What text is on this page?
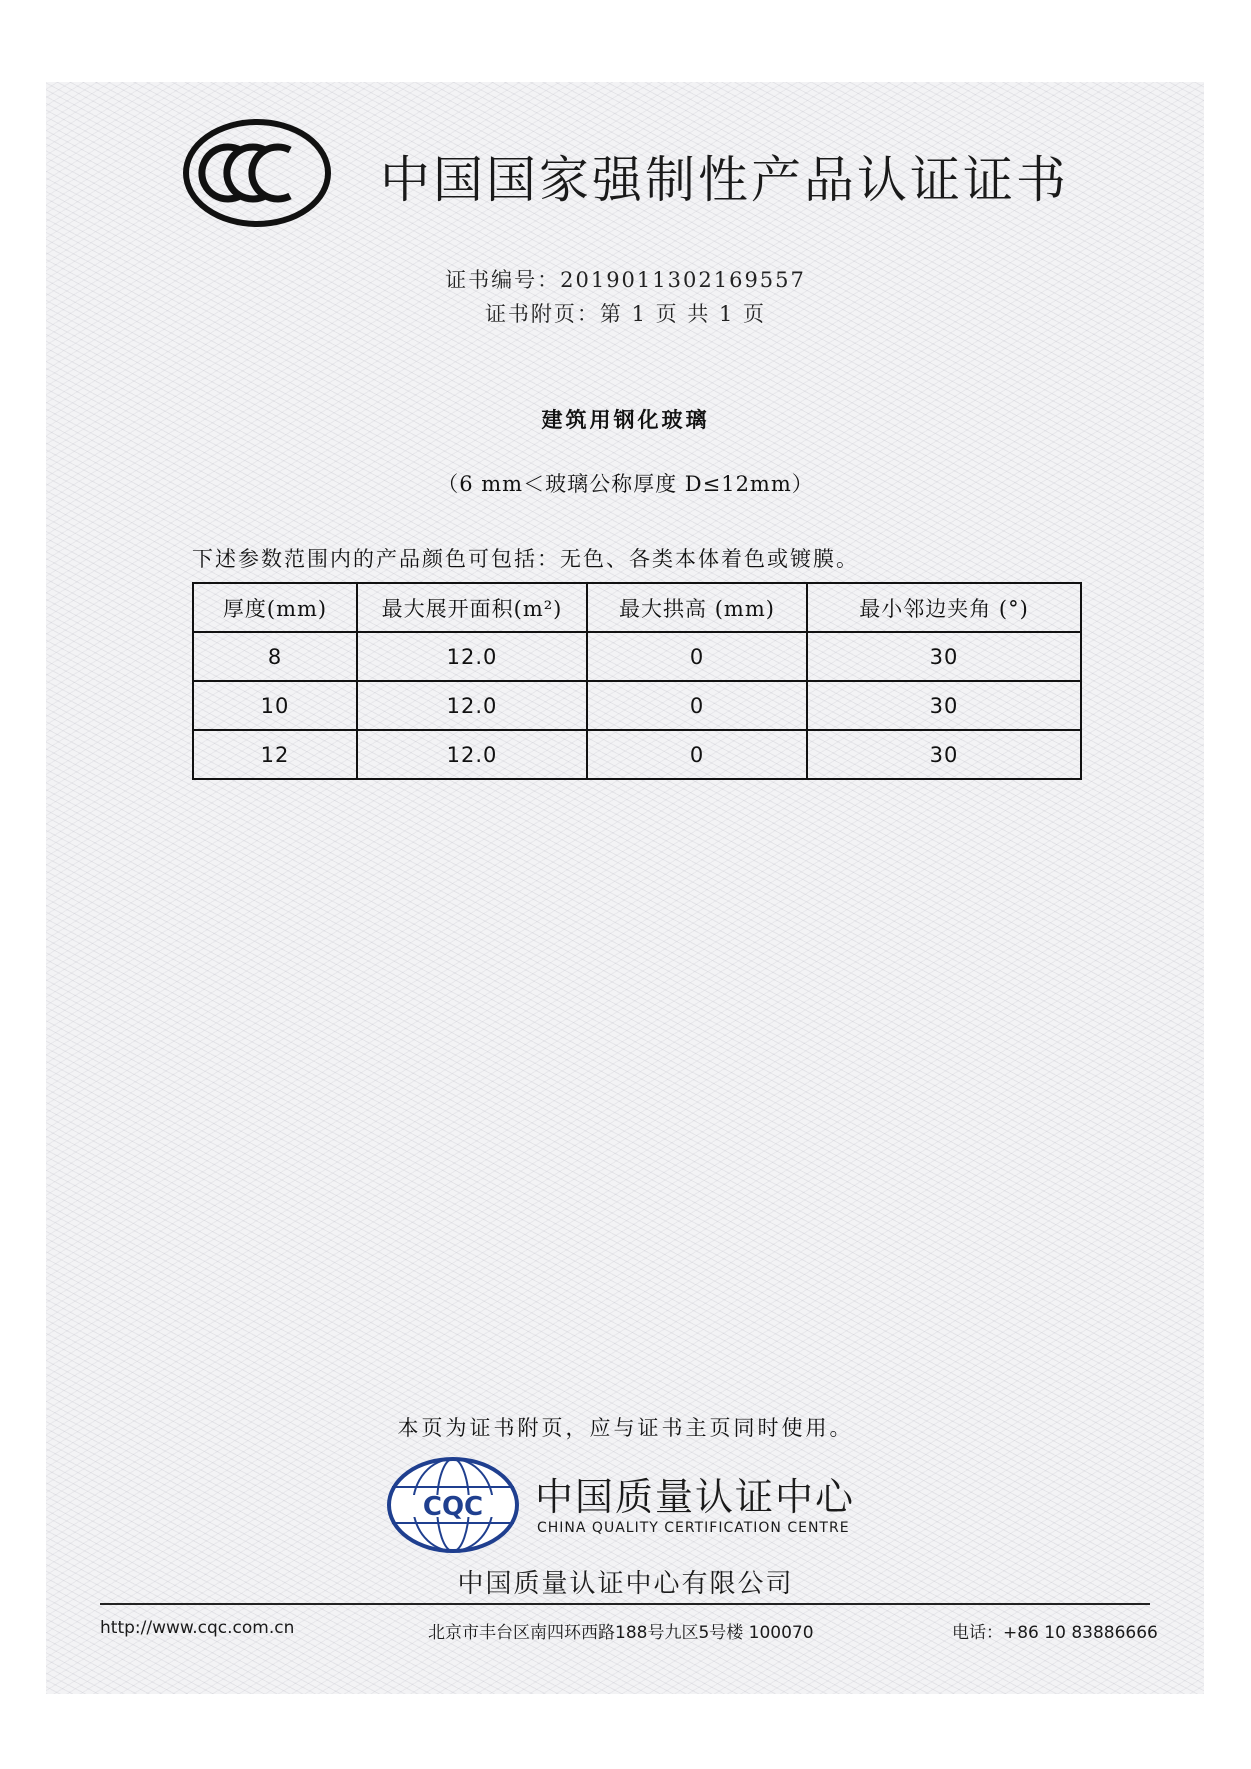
CCC 中国国家强制性产品认证证书
证书编号：2019011302169557
证书附页：第 1 页 共 1 页
建筑用钢化玻璃
（6 mm＜玻璃公称厚度 D≤12mm）
下述参数范围内的产品颜色可包括：无色、各类本体着色或镀膜。
厚度(mm)	最大展开面积(m²)	最大拱高 (mm)	最小邻边夹角 (°)
8	12.0	0	30
10	12.0	0	30
12	12.0	0	30
本页为证书附页，应与证书主页同时使用。
CQC 中国质量认证中心
CHINA QUALITY CERTIFICATION CENTRE
中国质量认证中心有限公司
http://www.cqc.com.cn	北京市丰台区南四环西路188号九区5号楼 100070	电话：+86 10 83886666
